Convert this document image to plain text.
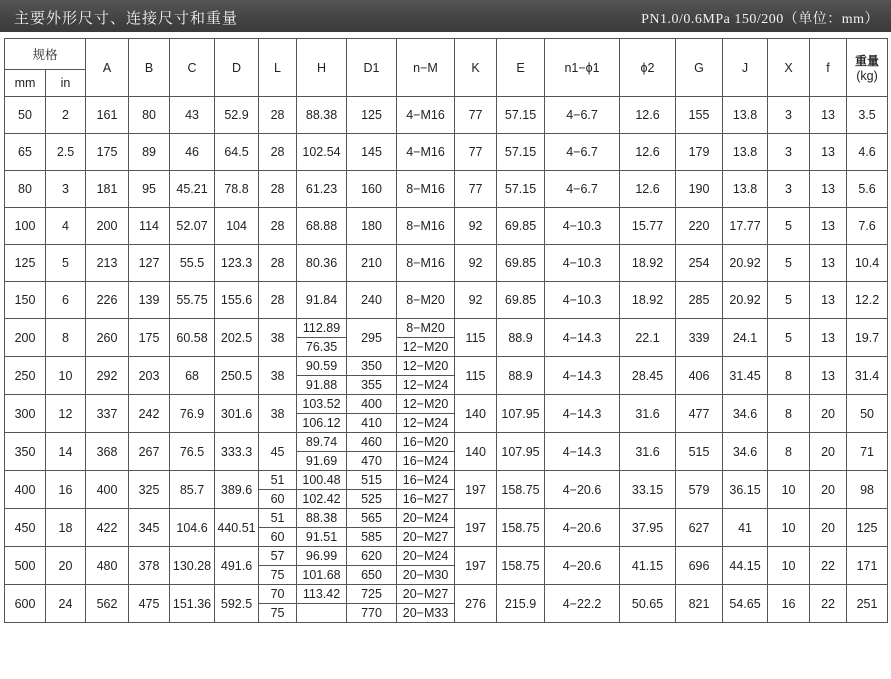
主要外形尺寸、连接尺寸和重量	PN1.0/0.6MPa 150/200（单位：mm）
规格		A	B	C	D	L	H	D1	n−M	K	E	n1−ϕ1	ϕ2	G	J	X	f	重量
(kg)

mm	in																	
50	2	161	80	43	52.9	28	88.38	125	4−M16	77	57.15	4−6.7	12.6	155	13.8	3	13	3.5
65	2.5	175	89	46	64.5	28	102.54	145	4−M16	77	57.15	4−6.7	12.6	179	13.8	3	13	4.6
80	3	181	95	45.21	78.8	28	61.23	160	8−M16	77	57.15	4−6.7	12.6	190	13.8	3	13	5.6
100	4	200	114	52.07	104	28	68.88	180	8−M16	92	69.85	4−10.3	15.77	220	17.77	5	13	7.6
125	5	213	127	55.5	123.3	28	80.36	210	8−M16	92	69.85	4−10.3	18.92	254	20.92	5	13	10.4
150	6	226	139	55.75	155.6	28	91.84	240	8−M20	92	69.85	4−10.3	18.92	285	20.92	5	13	12.2
200	8	260	175	60.58	202.5	38	112.89	295	8−M20	115	88.9	4−14.3	22.1	339	24.1	5	13	19.7
							76.35		12−M20									
250	10	292	203	68	250.5	38	90.59	350	12−M20	115	88.9	4−14.3	28.45	406	31.45	8	13	31.4
							91.88	355	12−M24									
300	12	337	242	76.9	301.6	38	103.52	400	12−M20	140	107.95	4−14.3	31.6	477	34.6	8	20	50
							106.12	410	12−M24									
350	14	368	267	76.5	333.3	45	89.74	460	16−M20	140	107.95	4−14.3	31.6	515	34.6	8	20	71
							91.69	470	16−M24									
400	16	400	325	85.7	389.6	51	100.48	515	16−M24	197	158.75	4−20.6	33.15	579	36.15	10	20	98
						60	102.42	525	16−M27									
450	18	422	345	104.6	440.51	51	88.38	565	20−M24	197	158.75	4−20.6	37.95	627	41	10	20	125
						60	91.51	585	20−M27									
500	20	480	378	130.28	491.6	57	96.99	620	20−M24	197	158.75	4−20.6	41.15	696	44.15	10	22	171
						75	101.68	650	20−M30									
600	24	562	475	151.36	592.5	70	113.42	725	20−M27	276	215.9	4−22.2	50.65	821	54.65	16	22	251
						75		770	20−M33									
